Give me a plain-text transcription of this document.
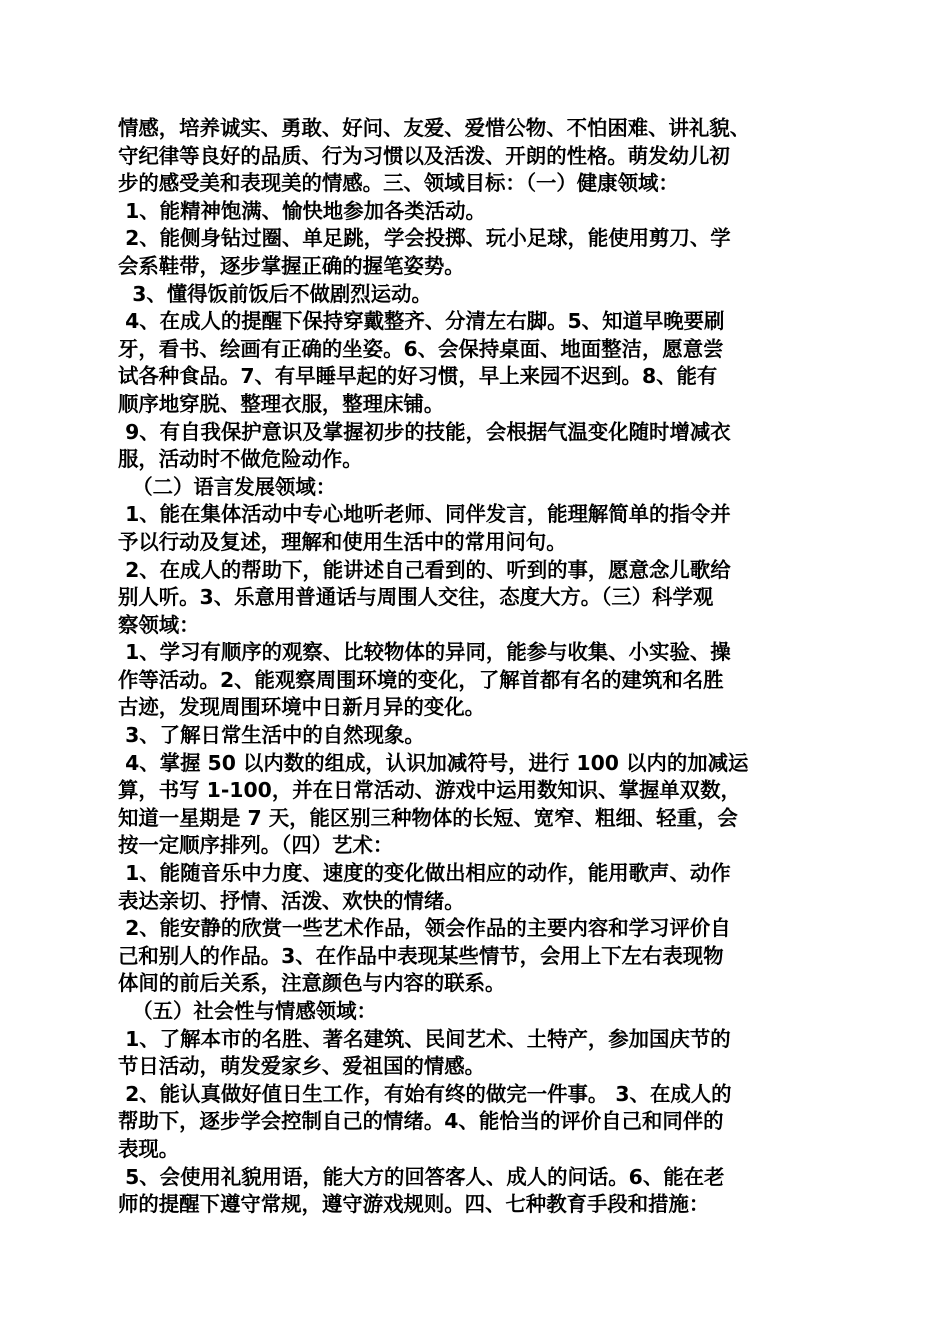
情感，培养诚实、勇敢、好问、友爱、爱惜公物、不怕困难、讲礼貌、
守纪律等良好的品质、行为习惯以及活泼、开朗的性格。萌发幼儿初
步的感受美和表现美的情感。三、领域目标：（一）健康领域：
1、能精神饱满、愉快地参加各类活动。
2、能侧身钻过圈、单足跳，学会投掷、玩小足球，能使用剪刀、学
会系鞋带，逐步掌握正确的握笔姿势。
3、懂得饭前饭后不做剧烈运动。
4、在成人的提醒下保持穿戴整齐、分清左右脚。5、知道早晚要刷
牙，看书、绘画有正确的坐姿。6、会保持桌面、地面整洁，愿意尝
试各种食品。7、有早睡早起的好习惯，早上来园不迟到。8、能有
顺序地穿脱、整理衣服，整理床铺。
9、有自我保护意识及掌握初步的技能，会根据气温变化随时增减衣
服，活动时不做危险动作。
（二）语言发展领域：
1、能在集体活动中专心地听老师、同伴发言，能理解简单的指令并
予以行动及复述，理解和使用生活中的常用问句。
2、在成人的帮助下，能讲述自己看到的、听到的事，愿意念儿歌给
别人听。3、乐意用普通话与周围人交往，态度大方。（三）科学观
察领域：
1、学习有顺序的观察、比较物体的异同，能参与收集、小实验、操
作等活动。2、能观察周围环境的变化，了解首都有名的建筑和名胜
古迹，发现周围环境中日新月异的变化。
3、了解日常生活中的自然现象。
4、掌握 50 以内数的组成，认识加减符号，进行 100 以内的加减运
算，书写 1-100，并在日常活动、游戏中运用数知识、掌握单双数，
知道一星期是 7 天，能区别三种物体的长短、宽窄、粗细、轻重，会
按一定顺序排列。（四）艺术：
1、能随音乐中力度、速度的变化做出相应的动作，能用歌声、动作
表达亲切、抒情、活泼、欢快的情绪。
2、能安静的欣赏一些艺术作品，领会作品的主要内容和学习评价自
己和别人的作品。3、在作品中表现某些情节，会用上下左右表现物
体间的前后关系，注意颜色与内容的联系。
（五）社会性与情感领域：
1、了解本市的名胜、著名建筑、民间艺术、土特产，参加国庆节的
节日活动，萌发爱家乡、爱祖国的情感。
2、能认真做好值日生工作，有始有终的做完一件事。 3、在成人的
帮助下，逐步学会控制自己的情绪。4、能恰当的评价自己和同伴的
表现。
5、会使用礼貌用语，能大方的回答客人、成人的问话。6、能在老
师的提醒下遵守常规，遵守游戏规则。四、七种教育手段和措施：
